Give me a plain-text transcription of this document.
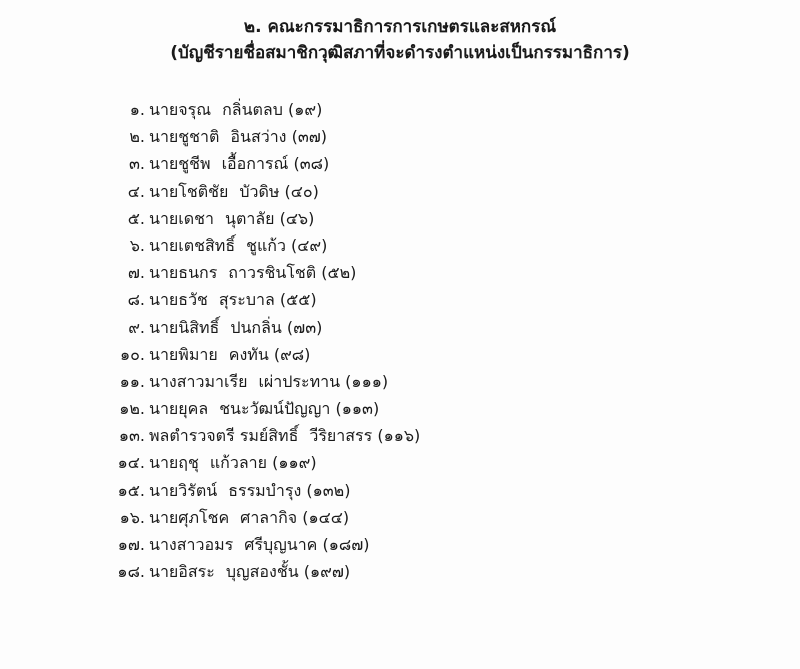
๒. คณะกรรมาธิการการเกษตรและสหกรณ์
(บัญชีรายชื่อสมาชิกวุฒิสภาที่จะดำรงตำแหน่งเป็นกรรมาธิการ)
๑. นายจรุณ กลิ่นตลบ (๑๙)
๒. นายชูชาติ อินสว่าง (๓๗)
๓. นายชูชีพ เอื้อการณ์ (๓๘)
๔. นายโชติชัย บัวดิษ (๔๐)
๕. นายเดชา นุตาลัย (๔๖)
๖. นายเตชสิทธิ์ ชูแก้ว (๔๙)
๗. นายธนกร ถาวรชินโชติ (๕๒)
๘. นายธวัช สุระบาล (๕๕)
๙. นายนิสิทธิ์ ปนกลิ่น (๗๓)
๑๐. นายพิมาย คงทัน (๙๘)
๑๑. นางสาวมาเรีย เผ่าประทาน (๑๑๑)
๑๒. นายยุคล ชนะวัฒน์ปัญญา (๑๑๓)
๑๓. พลตำรวจตรี รมย์สิทธิ์ วีริยาสรร (๑๑๖)
๑๔. นายฤชุ แก้วลาย (๑๑๙)
๑๕. นายวิรัตน์ ธรรมบำรุง (๑๓๒)
๑๖. นายศุภโชค ศาลากิจ (๑๔๔)
๑๗. นางสาวอมร ศรีบุญนาค (๑๘๗)
๑๘. นายอิสระ บุญสองชั้น (๑๙๗)
